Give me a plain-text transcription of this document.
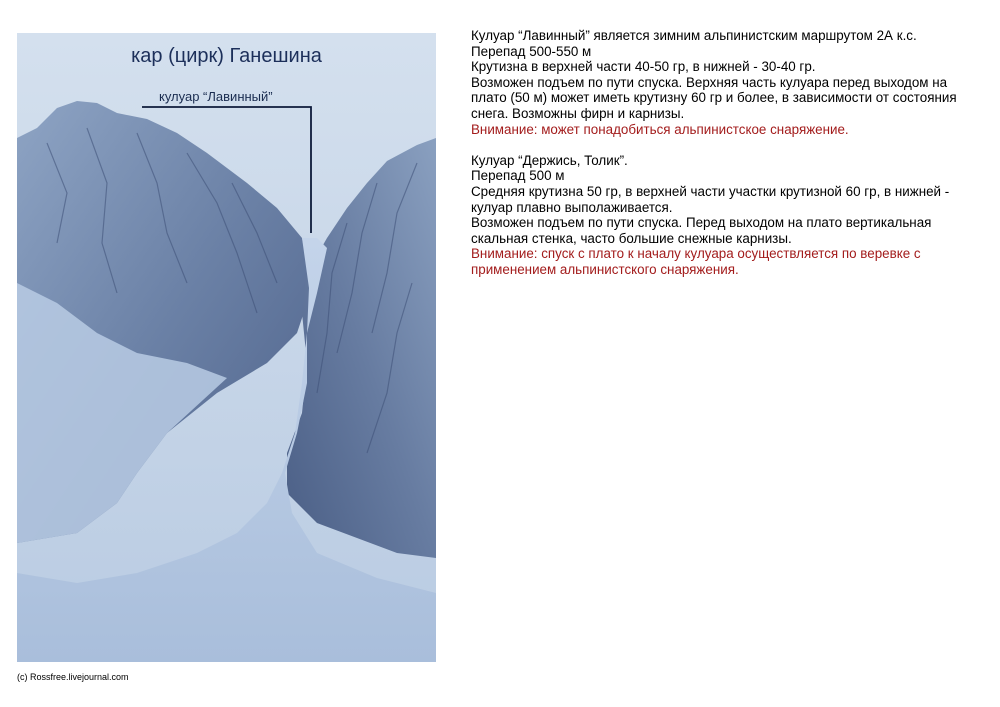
кар (цирк) Ганешина
кулуар “Лавинный”
(c) Rossfree.livejournal.com

Кулуар “Лавинный” является зимним альпинистским маршрутом 2А к.с.

Перепад 500-550 м

Крутизна в верхней части 40-50 гр, в нижней - 30-40 гр.

Возможен подъем по пути спуска. Верхняя часть кулуара перед выходом на плато (50 м) может иметь крутизну 60 гр и более, в зависимости от состояния снега. Возможны фирн и карнизы.

Внимание: может понадобиться альпинистское снаряжение.

Кулуар “Держись, Толик”.

Перепад 500 м

Средняя крутизна 50 гр, в верхней части участки крутизной 60 гр, в нижней - кулуар плавно выполаживается.

Возможен подъем по пути спуска. Перед выходом на плато вертикальная скальная стенка, часто большие снежные карнизы.

Внимание: спуск с плато к началу кулуара осуществляется по веревке с применением альпинистского снаряжения.
